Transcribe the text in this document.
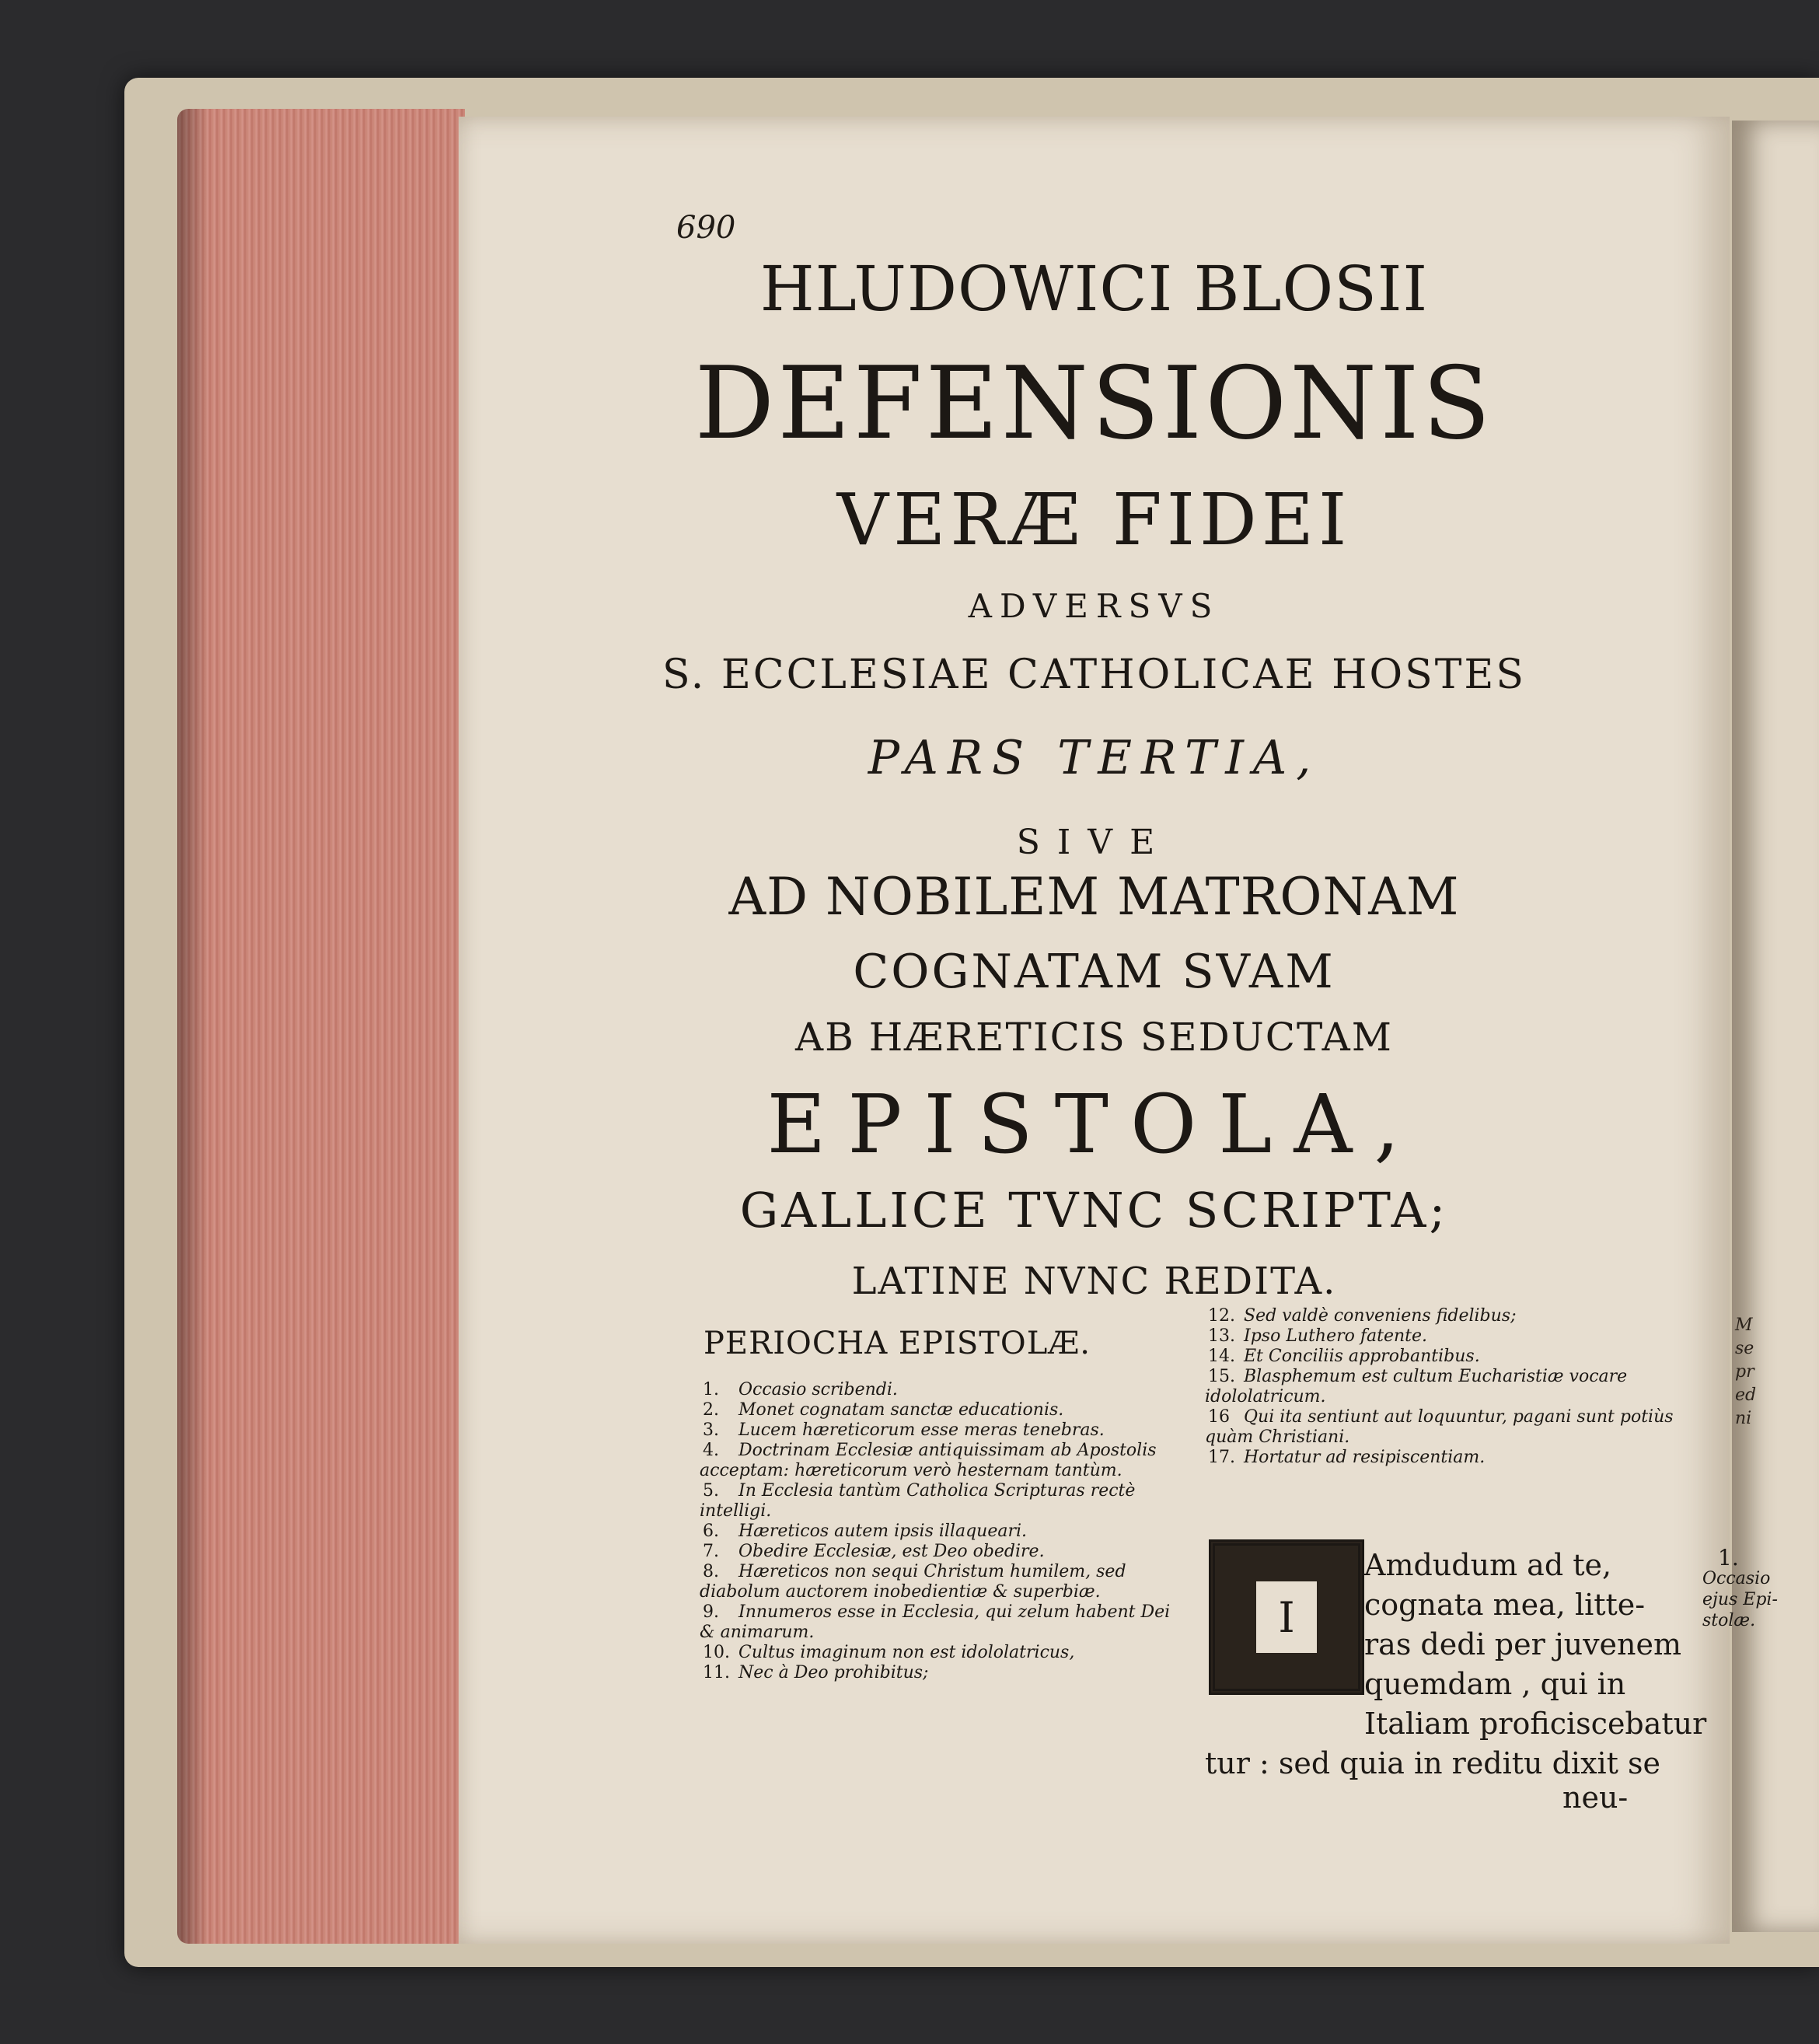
M
se
pr
ed
ni
690
HLUDOWICI BLOSII
DEFENSIONIS
VERÆ FIDEI
ADVERSVS
S. ECCLESIAE CATHOLICAE HOSTES
PARS TERTIA,
SIVE
AD NOBILEM MATRONAM
COGNATAM SVAM
AB HÆRETICIS SEDUCTAM
EPISTOLA,
GALLICE TVNC SCRIPTA;
LATINE NVNC REDITA.
PERIOCHA EPISTOLÆ.
1. Occasio scribendi.
2. Monet cognatam sanctæ educationis.
3. Lucem hæreticorum esse meras tenebras.
4. Doctrinam Ecclesiæ antiquissimam ab Apostolis acceptam: hæreticorum verò hesternam tantùm.
5. In Ecclesia tantùm Catholica Scripturas rectè intelligi.
6. Hæreticos autem ipsis illaqueari.
7. Obedire Ecclesiæ, est Deo obedire.
8. Hæreticos non sequi Christum humilem, sed diabolum auctorem inobedientiæ & superbiæ.
9. Innumeros esse in Ecclesia, qui zelum habent Dei & animarum.
10. Cultus imaginum non est idololatricus,
11. Nec à Deo prohibitus;
12. Sed valdè conveniens fidelibus;
13. Ipso Luthero fatente.
14. Et Conciliis approbantibus.
15. Blasphemum est cultum Eucharistiæ vocare idololatricum.
16 Qui ita sentiunt aut loquuntur, pagani sunt potiùs quàm Christiani.
17. Hortatur ad resipiscentiam.
I
Amdudum ad te,
cognata mea, litte-
ras dedi per juvenem
quemdam , qui in
Italiam proficiscebatur
tur : sed quia in reditu dixit se
neu-
1.
Occasio
ejus Epi-
stolæ.
